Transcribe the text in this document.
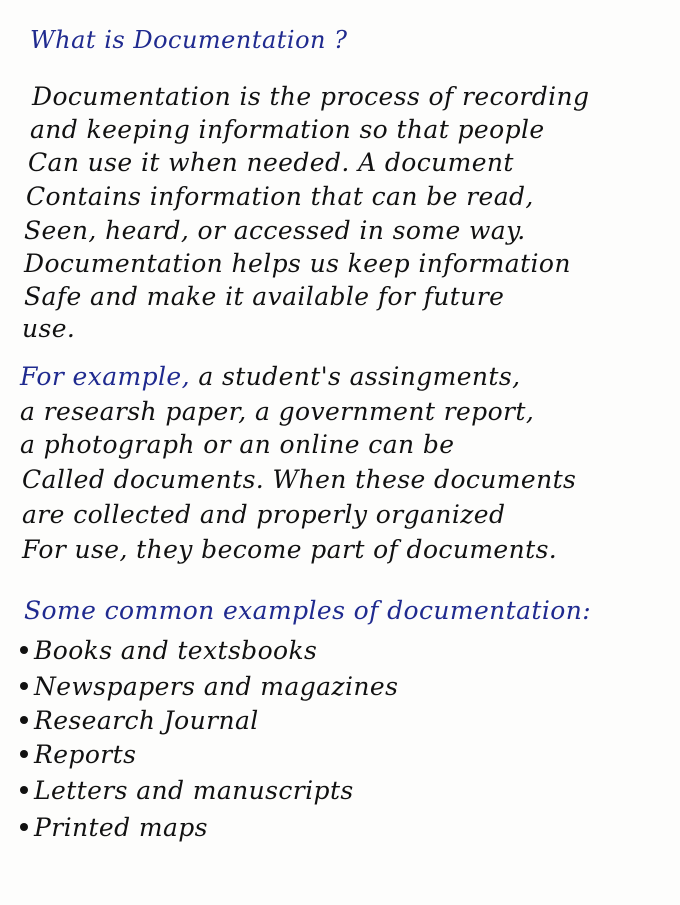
What is Documentation ?
Documentation is the process of recording
and keeping information so that people
Can use it when needed. A document
Contains information that can be read,
Seen, heard, or accessed in some way.
Documentation helps us keep information
Safe and make it available for future
use.
For example, a student's assingments,
a researsh paper, a government report,
a photograph or an online can be
Called documents. When these documents
are collected and properly organized
For use, they become part of documents.
Some common examples of documentation:
Books and textsbooks
Newspapers and magazines
Research Journal
Reports
Letters and manuscripts
Printed maps
